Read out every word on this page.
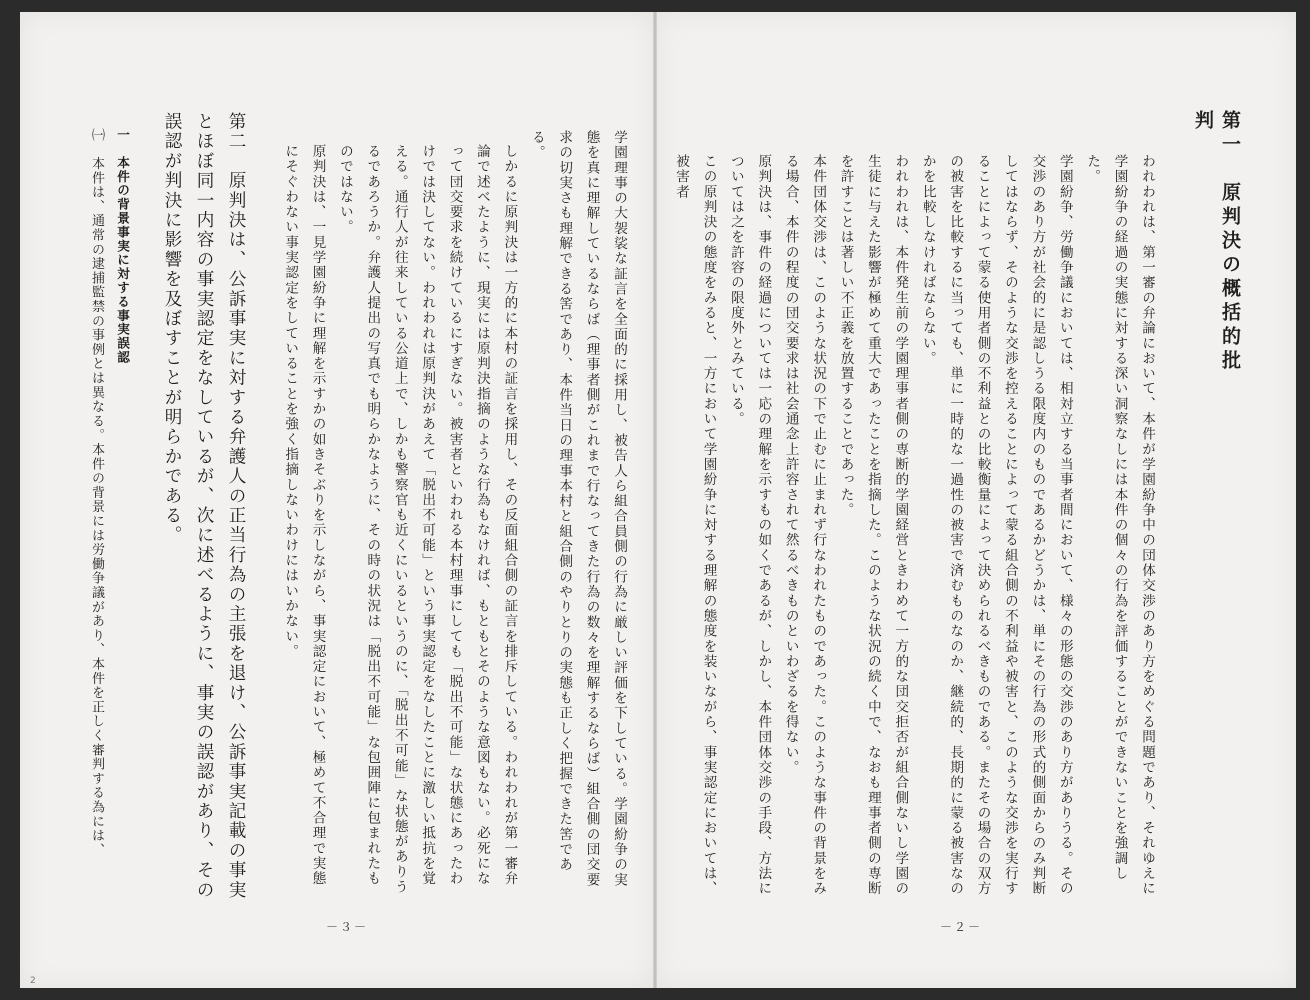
第一　原判決の概括的批判
われわれは、第一審の弁論において、本件が学園紛争中の団体交渉のあり方をめぐる問題であり、それゆえに学園紛争の経過の実態に対する深い洞察なしには本件の個々の行為を評価することができないことを強調した。
学園紛争、労働争議においては、相対立する当事者間において、様々の形態の交渉のあり方がありうる。その交渉のあり方が社会的に是認しうる限度内のものであるかどうかは、単にその行為の形式的側面からのみ判断してはならず、そのような交渉を控えることによって蒙る組合側の不利益や被害と、このような交渉を実行することによって蒙る使用者側の不利益との比較衡量によって決められるべきものである。またその場合の双方の被害を比較するに当っても、単に一時的な一過性の被害で済むものなのか、継続的、長期的に蒙る被害なのかを比較しなければならない。
われわれは、本件発生前の学園理事者側の専断的学園経営ときわめて一方的な団交拒否が組合側ないし学園の生徒に与えた影響が極めて重大であったことを指摘した。このような状況の続く中で、なおも理事者側の専断を許すことは著しい不正義を放置することであった。
本件団体交渉は、このような状況の下で止むに止まれず行なわれたものであった。このような事件の背景をみる場合、本件の程度の団交要求は社会通念上許容されて然るべきものといわざるを得ない。
原判決は、事件の経過については一応の理解を示すもの如くであるが、しかし、本件団体交渉の手段、方法については之を許容の限度外とみている。
この原判決の態度をみると、一方において学園紛争に対する理解の態度を装いながら、事実認定においては、被害者
－２－
学園理事の大袈裟な証言を全面的に採用し、被告人ら組合員側の行為に厳しい評価を下している。学園紛争の実態を真に理解しているならば（理事者側がこれまで行なってきた行為の数々を理解するならば）組合側の団交要求の切実さも理解できる筈であり、本件当日の理事本村と組合側のやりとりの実態も正しく把握できた筈である。
しかるに原判決は一方的に本村の証言を採用し、その反面組合側の証言を排斥している。われわれが第一審弁論で述べたように、現実には原判決指摘のような行為もなければ、もともとそのような意図もない。必死になって団交要求を続けているにすぎない。被害者といわれる本村理事にしても「脱出不可能」な状態にあったわけでは決してない。われわれは原判決があえて「脱出不可能」という事実認定をなしたことに激しい抵抗を覚える。通行人が往来している公道上で、しかも警察官も近くにいるというのに、「脱出不可能」な状態がありうるであろうか。弁護人提出の写真でも明らかなように、その時の状況は「脱出不可能」な包囲陣に包まれたものではない。
原判決は、一見学園紛争に理解を示すかの如きそぶりを示しながら、事実認定において、極めて不合理で実態にそぐわない事実認定をしていることを強く指摘しないわけにはいかない。
第二　原判決は、公訴事実に対する弁護人の正当行為の主張を退け、公訴事実記載の事実とほぼ同一内容の事実認定をなしているが、次に述べるように、事実の誤認があり、その誤認が判決に影響を及ぼすことが明らかである。
一　本件の背景事実に対する事実誤認
㈠　本件は、通常の逮捕監禁の事例とは異なる。本件の背景には労働争議があり、本件を正しく審判する為には、
－３－
2
